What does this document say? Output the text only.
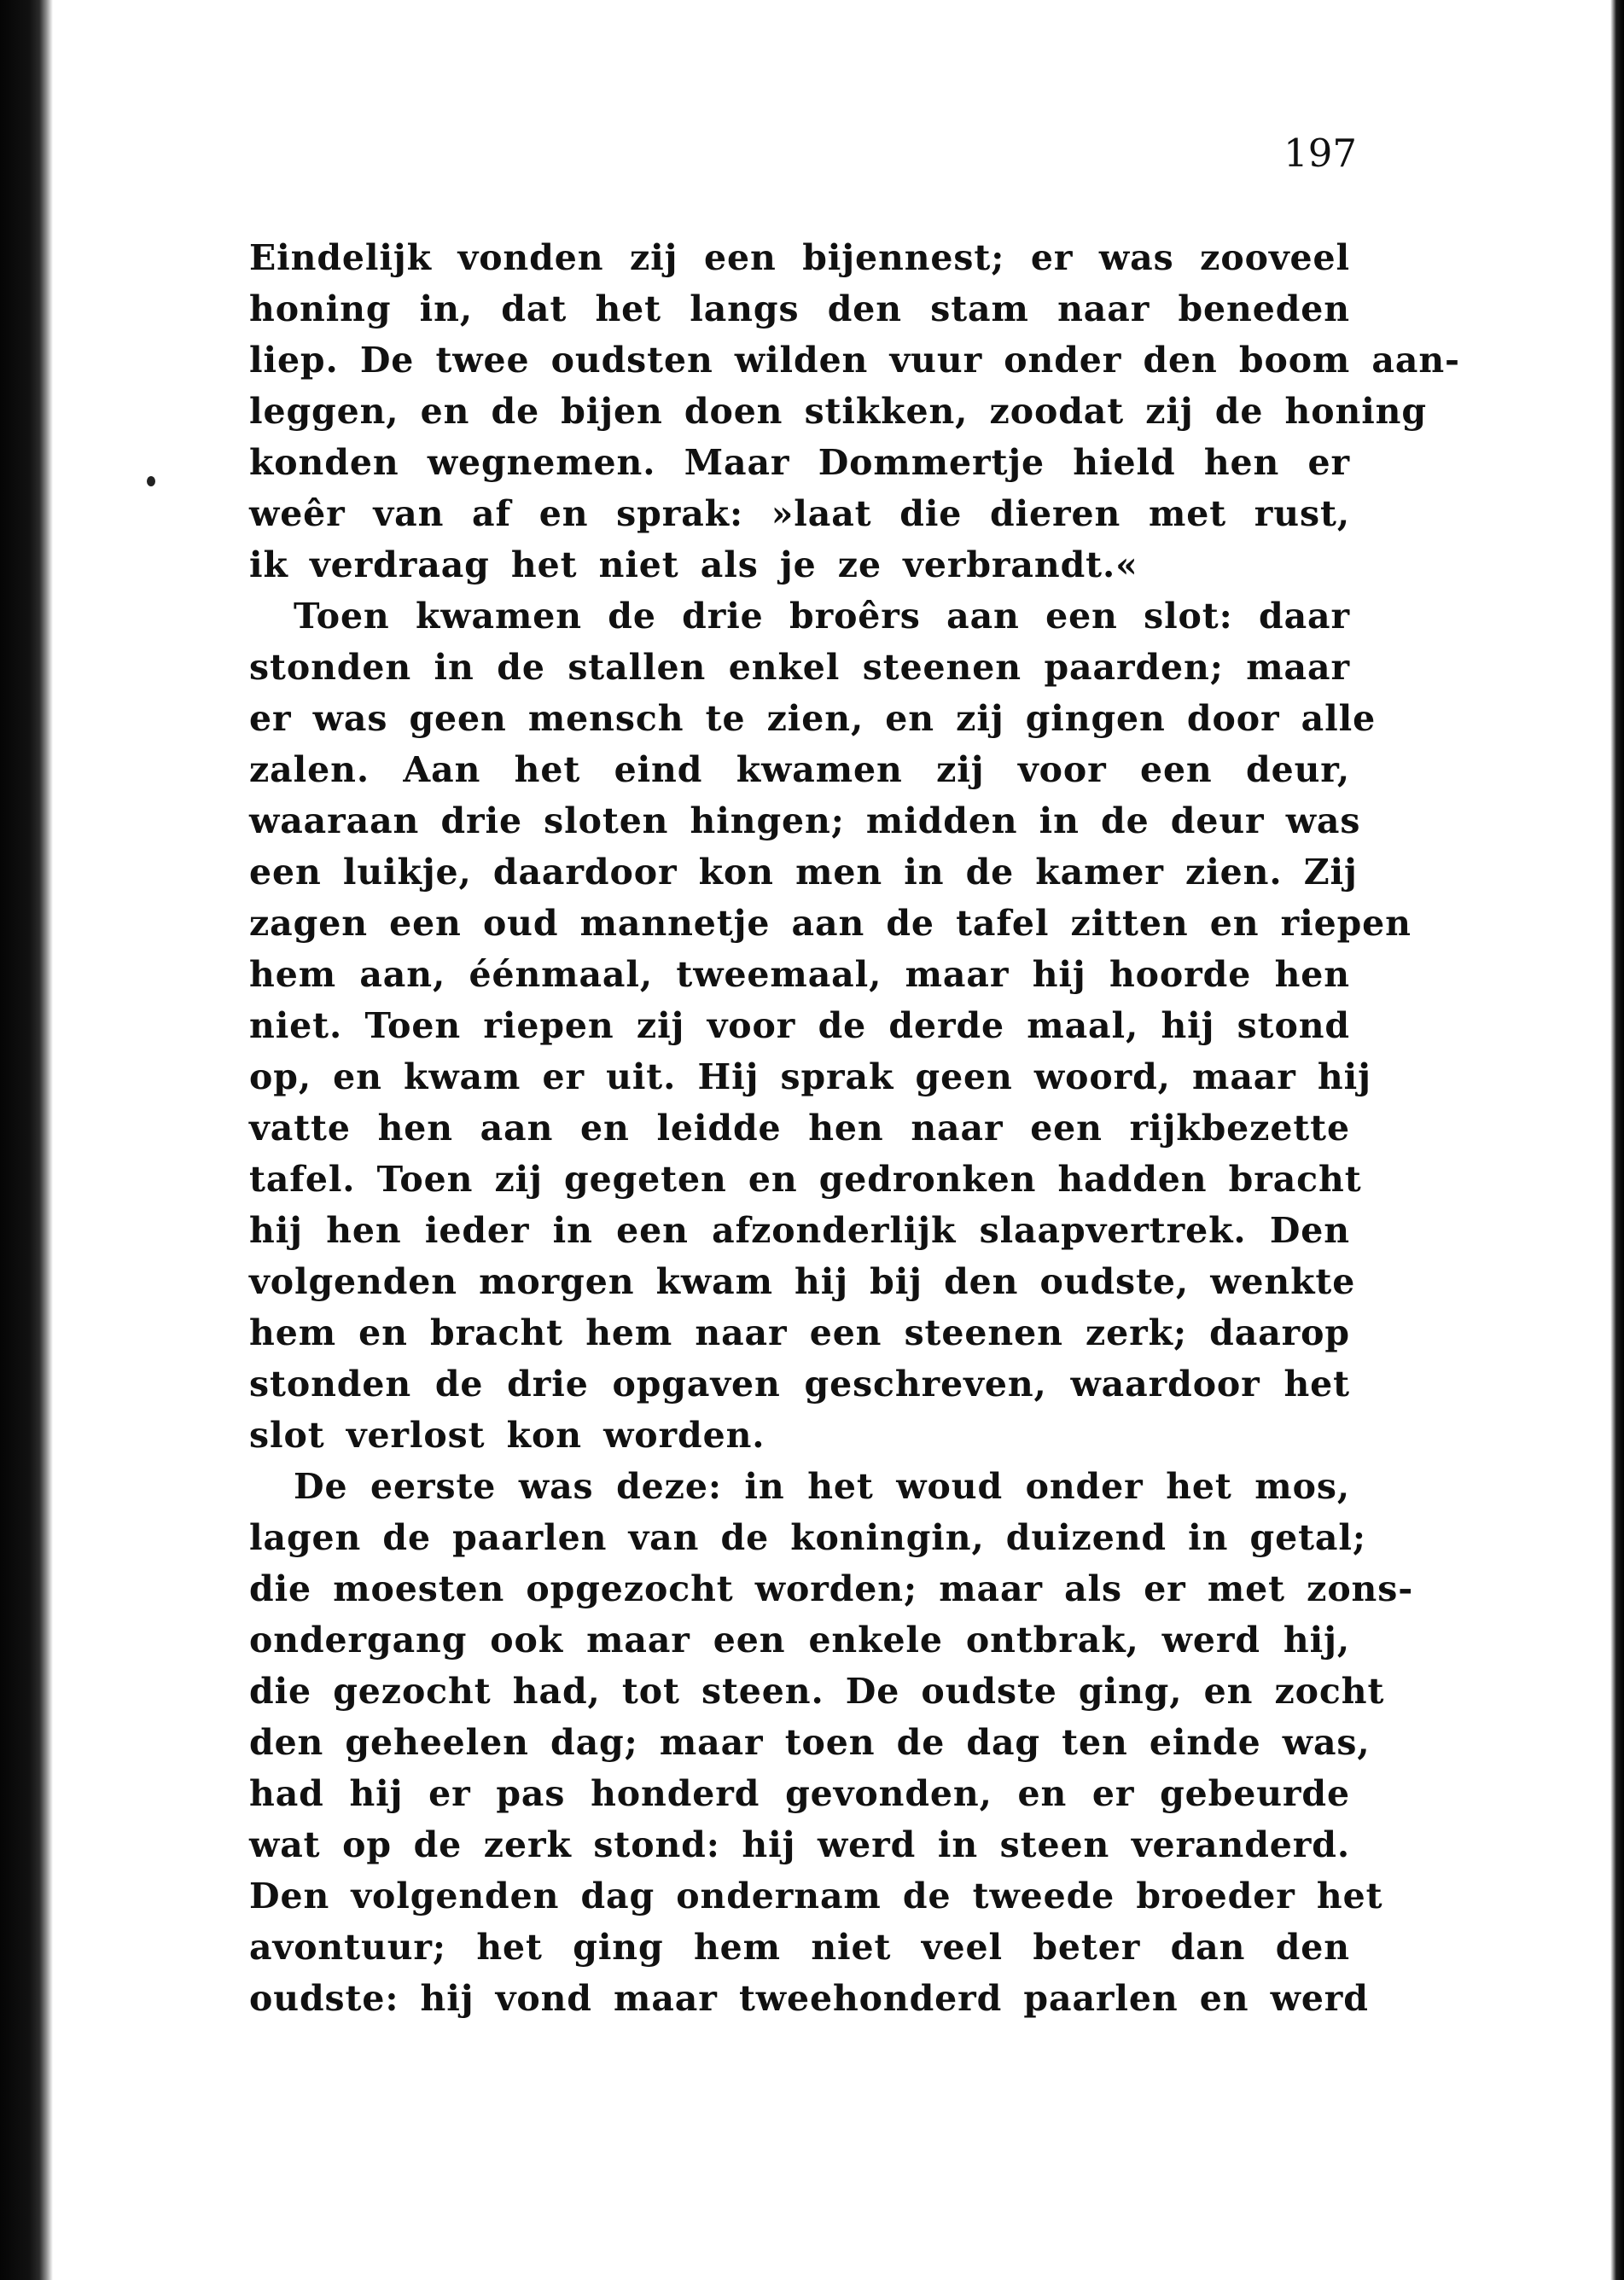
197
Eindelijk vonden zij een bijennest; er was zooveel
honing in, dat het langs den stam naar beneden
liep. De twee oudsten wilden vuur onder den boom aan-
leggen, en de bijen doen stikken, zoodat zij de honing
konden wegnemen. Maar Dommertje hield hen er
weêr van af en sprak: »laat die dieren met rust,
ik verdraag het niet als je ze verbrandt.«
Toen kwamen de drie broêrs aan een slot: daar
stonden in de stallen enkel steenen paarden; maar
er was geen mensch te zien, en zij gingen door alle
zalen. Aan het eind kwamen zij voor een deur,
waaraan drie sloten hingen; midden in de deur was
een luikje, daardoor kon men in de kamer zien. Zij
zagen een oud mannetje aan de tafel zitten en riepen
hem aan, éénmaal, tweemaal, maar hij hoorde hen
niet. Toen riepen zij voor de derde maal, hij stond
op, en kwam er uit. Hij sprak geen woord, maar hij
vatte hen aan en leidde hen naar een rijkbezette
tafel. Toen zij gegeten en gedronken hadden bracht
hij hen ieder in een afzonderlijk slaapvertrek. Den
volgenden morgen kwam hij bij den oudste, wenkte
hem en bracht hem naar een steenen zerk; daarop
stonden de drie opgaven geschreven, waardoor het
slot verlost kon worden.
De eerste was deze: in het woud onder het mos,
lagen de paarlen van de koningin, duizend in getal;
die moesten opgezocht worden; maar als er met zons-
ondergang ook maar een enkele ontbrak, werd hij,
die gezocht had, tot steen. De oudste ging, en zocht
den geheelen dag; maar toen de dag ten einde was,
had hij er pas honderd gevonden, en er gebeurde
wat op de zerk stond: hij werd in steen veranderd.
Den volgenden dag ondernam de tweede broeder het
avontuur; het ging hem niet veel beter dan den
oudste: hij vond maar tweehonderd paarlen en werd
